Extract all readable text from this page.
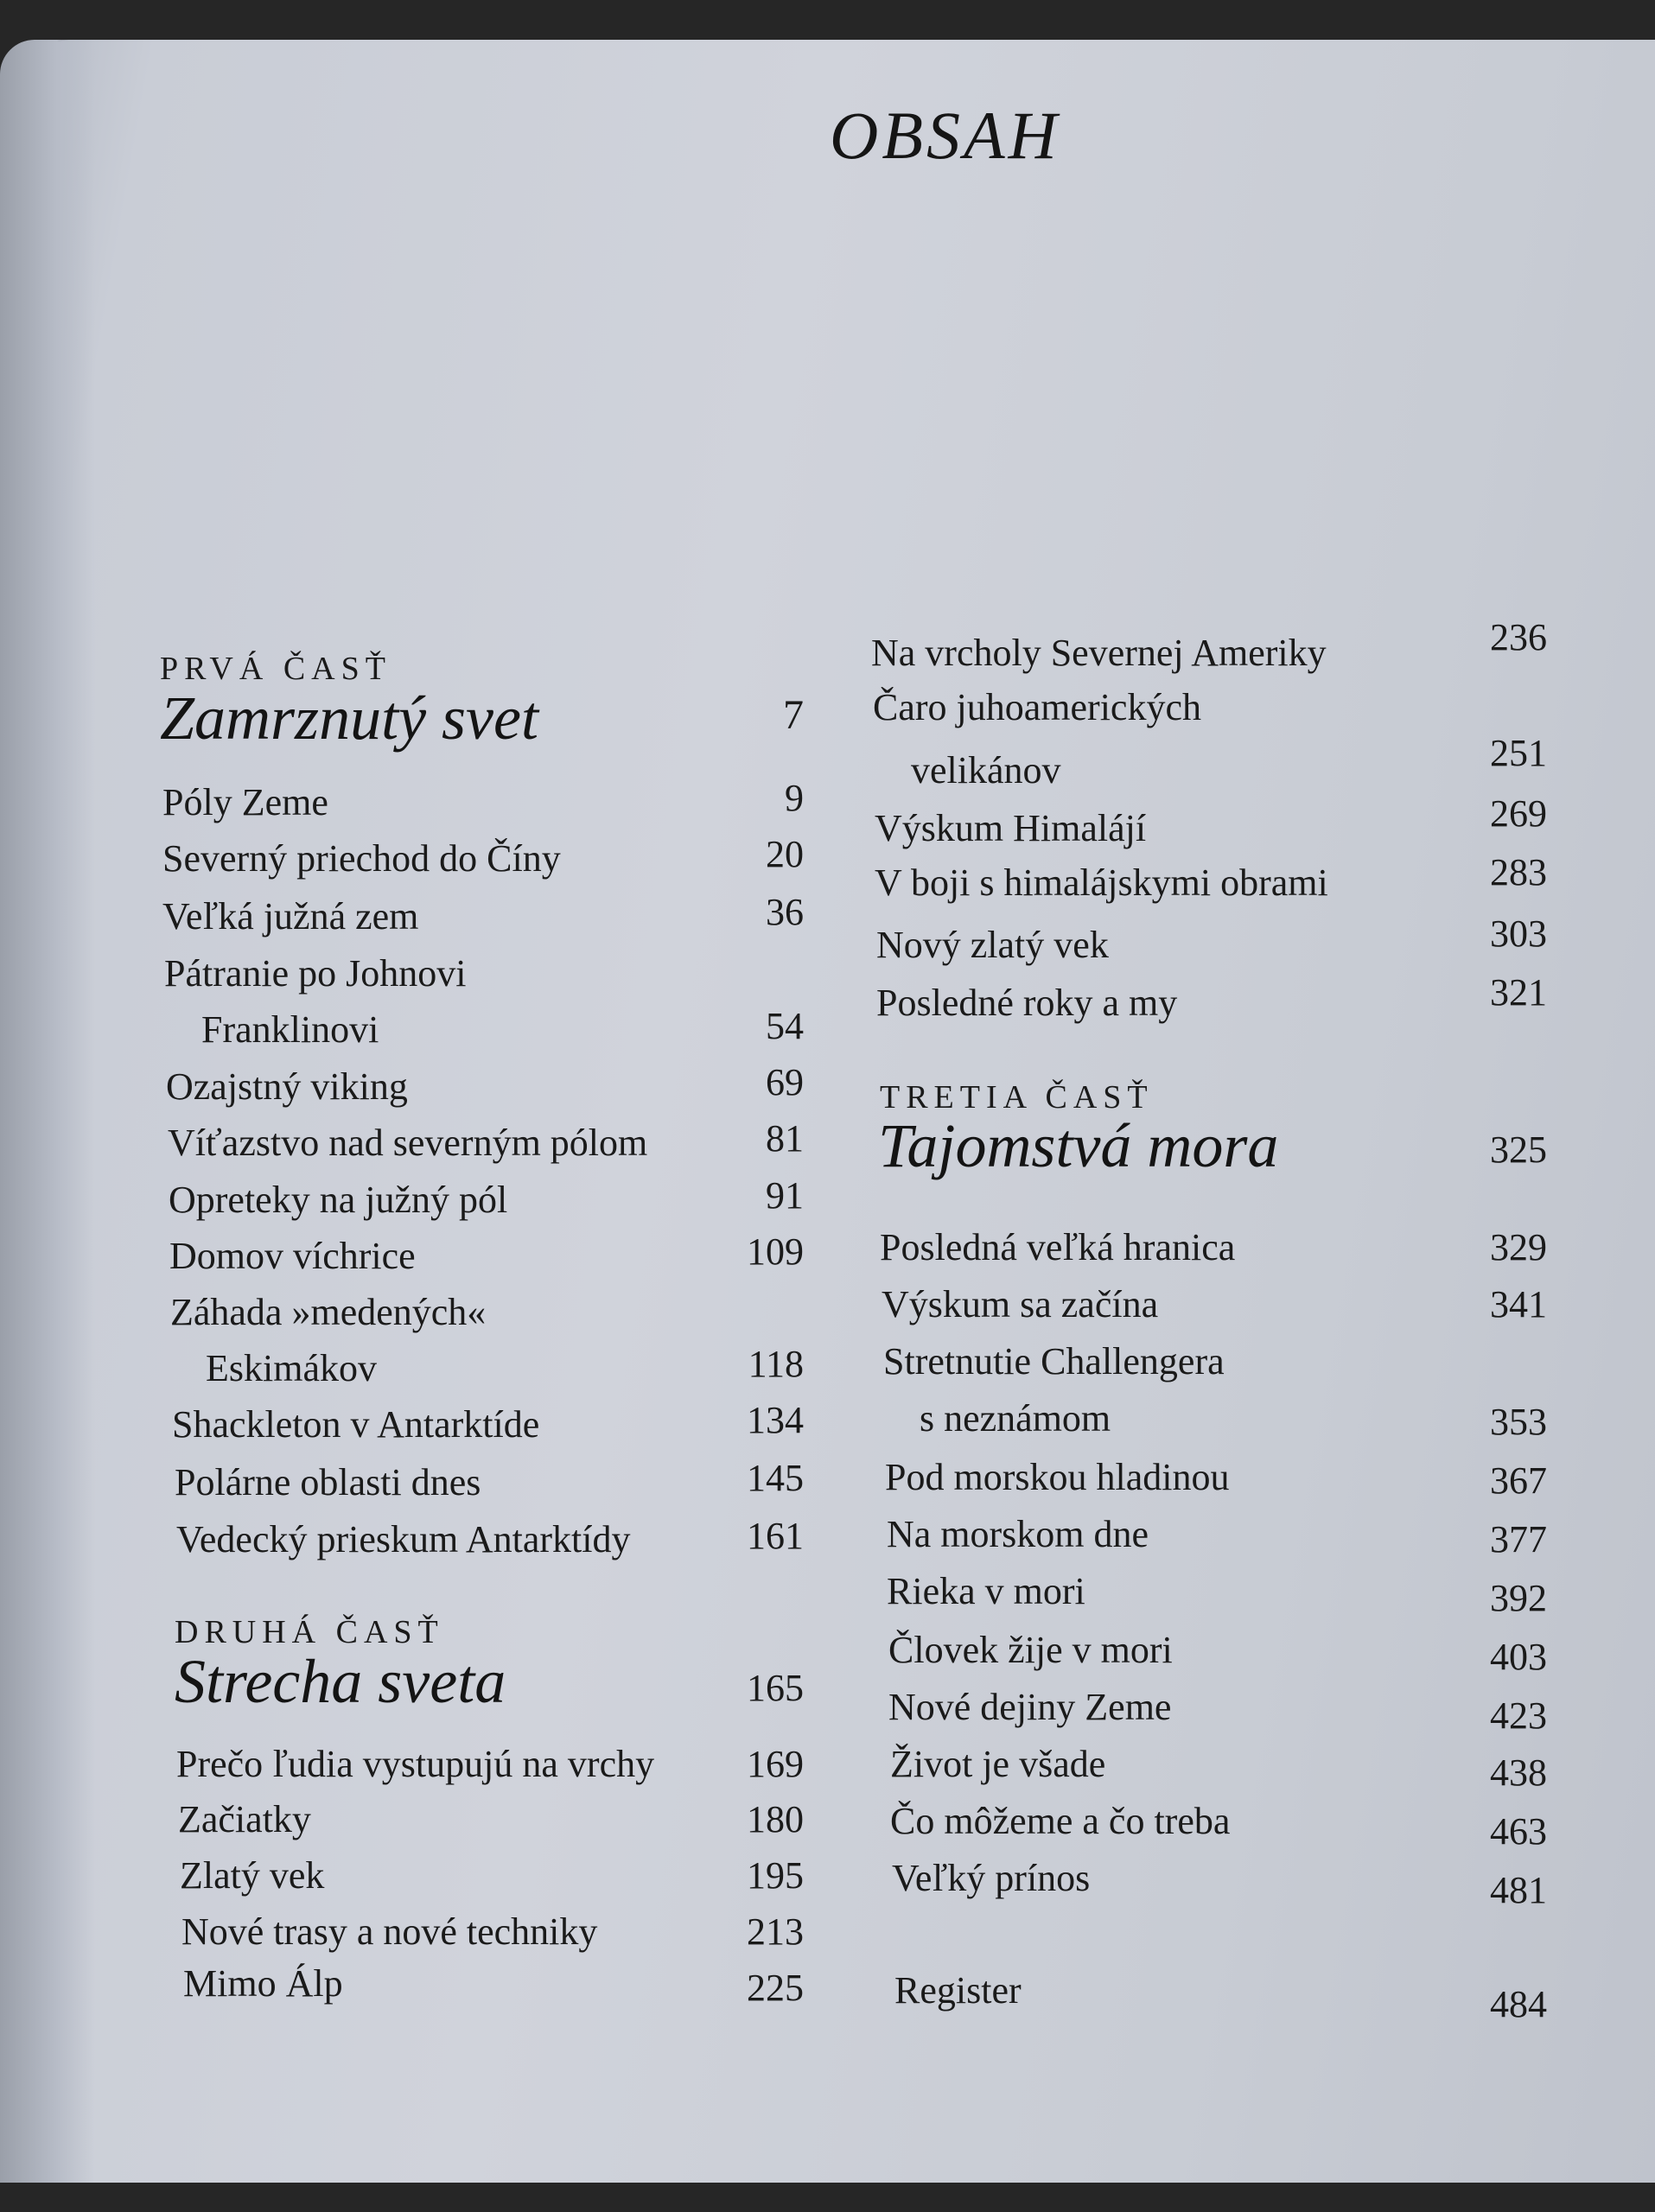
OBSAH
PRVÁ ČASŤ
Zamrznutý svet	7
Póly Zeme	9
Severný priechod do Číny	20
Veľká južná zem	36
Pátranie po Johnovi
Franklinovi	54
Ozajstný viking	69
Víťazstvo nad severným pólom	81
Opreteky na južný pól	91
Domov víchrice	109
Záhada »medených«
Eskimákov	118
Shackleton v Antarktíde	134
Polárne oblasti dnes	145
Vedecký prieskum Antarktídy	161
DRUHÁ ČASŤ
Strecha sveta	165
Prečo ľudia vystupujú na vrchy	169
Začiatky	180
Zlatý vek	195
Nové trasy a nové techniky	213
Mimo Álp	225
Na vrcholy Severnej Ameriky	236
Čaro juhoamerických
velikánov	251
Výskum Himalájí	269
V boji s himalájskymi obrami	283
Nový zlatý vek	303
Posledné roky a my	321
TRETIA ČASŤ
Tajomstvá mora	325
Posledná veľká hranica	329
Výskum sa začína	341
Stretnutie Challengera
s neznámom	353
Pod morskou hladinou	367
Na morskom dne	377
Rieka v mori	392
Človek žije v mori	403
Nové dejiny Zeme	423
Život je všade	438
Čo môžeme a čo treba	463
Veľký prínos	481
Register	484
